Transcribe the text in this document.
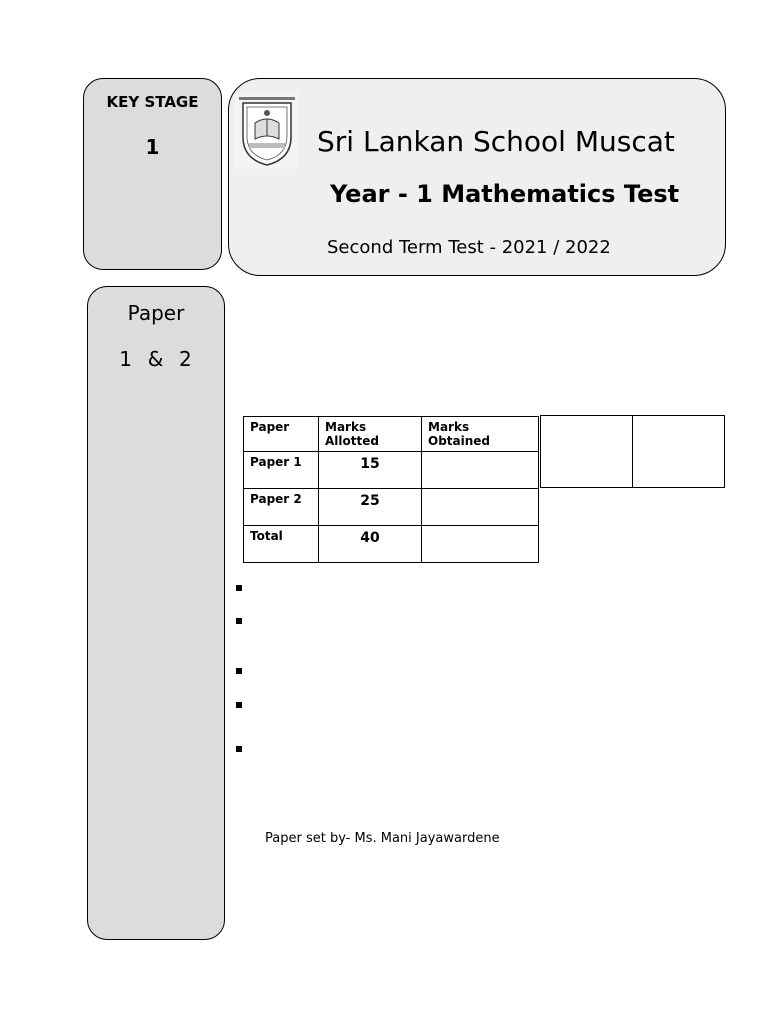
KEY STAGE
1	Sri Lankan School Muscat
Year - 1 Mathematics Test
Second Term Test - 2021 / 2022
Paper
1  &  2
Paper	Marks Allotted	Marks Obtained
Paper 1	15	
Paper 2	25	
Total	40	

Paper set by- Ms. Mani Jayawardene
